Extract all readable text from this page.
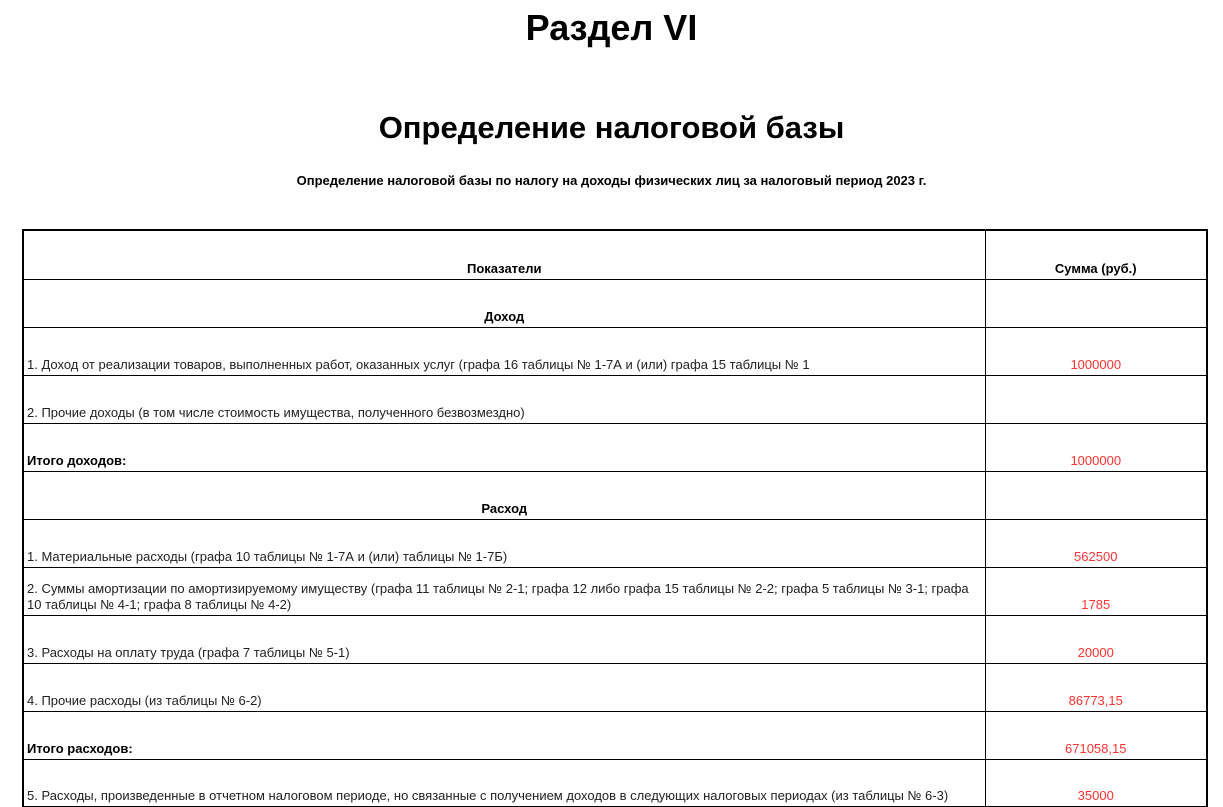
Раздел VI
Определение налоговой базы
Определение налоговой базы по налогу на доходы физических лиц за налоговый период 2023 г.
Показатели	Сумма (руб.)
Доход	
1. Доход от реализации товаров, выполненных работ, оказанных услуг (графа 16 таблицы № 1-7А и (или) графа 15 таблицы № 1	1000000
2. Прочие доходы (в том числе стоимость имущества, полученного безвозмездно)	
Итого доходов:	1000000
Расход	
1. Материальные расходы (графа 10 таблицы № 1-7А и (или) таблицы № 1-7Б)	562500
2. Суммы амортизации по амортизируемому имуществу (графа 11 таблицы № 2-1; графа 12 либо графа 15 таблицы № 2-2; графа 5 таблицы № 3-1; графа 10 таблицы № 4-1; графа 8 таблицы № 4-2)	1785
3. Расходы на оплату труда (графа 7 таблицы № 5-1)	20000
4. Прочие расходы (из таблицы № 6-2)	86773,15
Итого расходов:	671058,15
5. Расходы, произведенные в отчетном налоговом периоде, но связанные с получением доходов в следующих налоговых периодах (из таблицы № 6-3)	35000
